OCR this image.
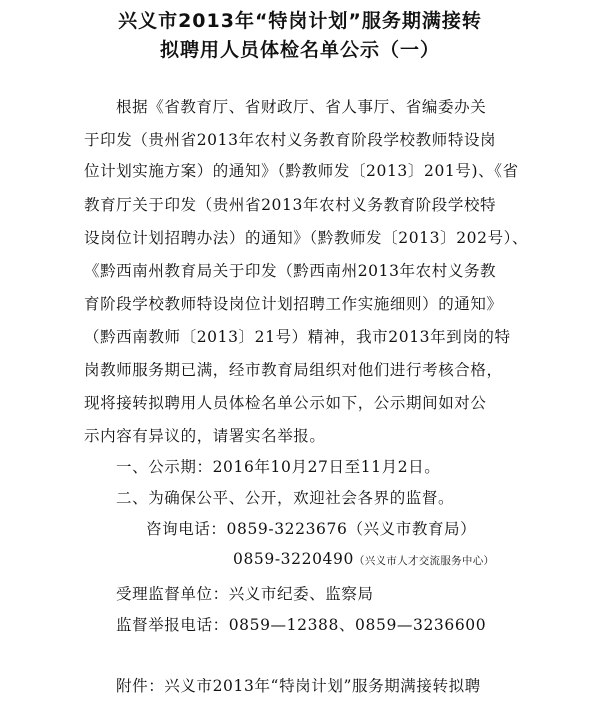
兴义市2013年“特岗计划”服务期满接转
拟聘用人员体检名单公示（一）
根据《省教育厅、省财政厅、省人事厅、省编委办关
于印发（贵州省2013年农村义务教育阶段学校教师特设岗
位计划实施方案）的通知》（黔教师发〔2013〕201号)、《省
教育厅关于印发（贵州省2013年农村义务教育阶段学校特
设岗位计划招聘办法）的通知》（黔教师发〔2013〕202号）、
《黔西南州教育局关于印发（黔西南州2013年农村义务教
育阶段学校教师特设岗位计划招聘工作实施细则）的通知》
（黔西南教师〔2013〕21号）精神，我市2013年到岗的特
岗教师服务期已满，经市教育局组织对他们进行考核合格，
现将接转拟聘用人员体检名单公示如下，公示期间如对公
示内容有异议的，请署实名举报。
一、公示期：2016年10月27日至11月2日。
二、为确保公平、公开，欢迎社会各界的监督。
咨询电话：0859-3223676（兴义市教育局）
0859-3220490（兴义市人才交流服务中心）
受理监督单位：兴义市纪委、监察局
监督举报电话：0859—12388、0859—3236600
附件：兴义市2013年“特岗计划”服务期满接转拟聘
